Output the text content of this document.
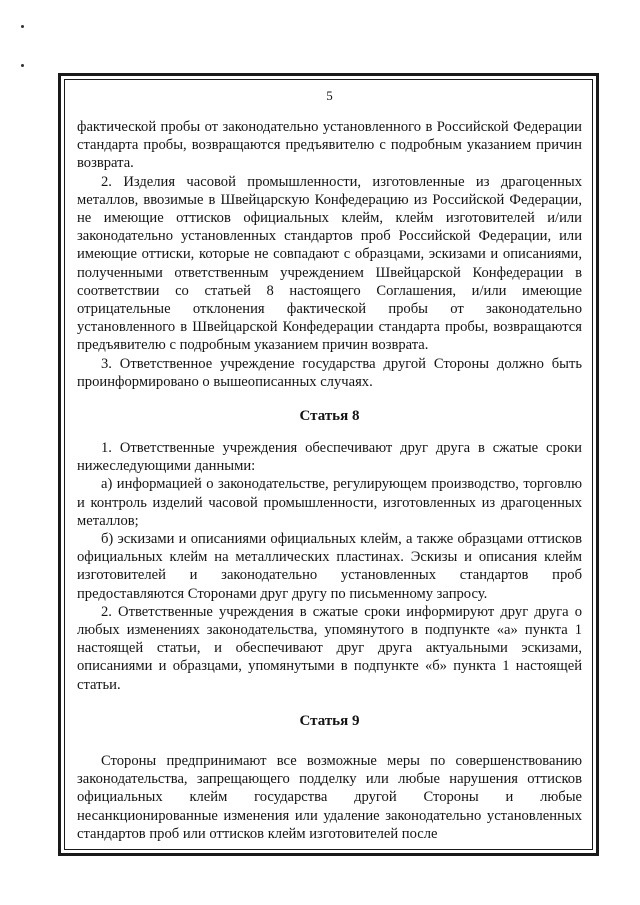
5

фактической пробы от законодательно установленного в Российской Федерации стандарта пробы, возвращаются предъявителю с подробным указанием причин возврата.

2. Изделия часовой промышленности, изготовленные из драгоценных металлов, ввозимые в Швейцарскую Конфедерацию из Российской Федерации, не имеющие оттисков официальных клейм, клейм изготовителей и/или законодательно установленных стандартов проб Российской Федерации, или имеющие оттиски, которые не совпадают с образцами, эскизами и описаниями, полученными ответственным учреждением Швейцарской Конфедерации в соответствии со статьей 8 настоящего Соглашения, и/или имеющие отрицательные отклонения фактической пробы от законодательно установленного в Швейцарской Конфедерации стандарта пробы, возвращаются предъявителю с подробным указанием причин возврата.

3. Ответственное учреждение государства другой Стороны должно быть проинформировано о вышеописанных случаях.

Статья 8

1. Ответственные учреждения обеспечивают друг друга в сжатые сроки нижеследующими данными:

а) информацией о законодательстве, регулирующем производство, торговлю и контроль изделий часовой промышленности, изготовленных из драгоценных металлов;

б) эскизами и описаниями официальных клейм, а также образцами оттисков официальных клейм на металлических пластинах. Эскизы и описания клейм изготовителей и законодательно установленных стандартов проб предоставляются Сторонами друг другу по письменному запросу.

2. Ответственные учреждения в сжатые сроки информируют друг друга о любых изменениях законодательства, упомянутого в подпункте «а» пункта 1 настоящей статьи, и обеспечивают друг друга актуальными эскизами, описаниями и образцами, упомянутыми в подпункте «б» пункта 1 настоящей статьи.

Статья 9

Стороны предпринимают все возможные меры по совершенствованию законодательства, запрещающего подделку или любые нарушения оттисков официальных клейм государства другой Стороны и любые несанкционированные изменения или удаление законодательно установленных стандартов проб или оттисков клейм изготовителей после
